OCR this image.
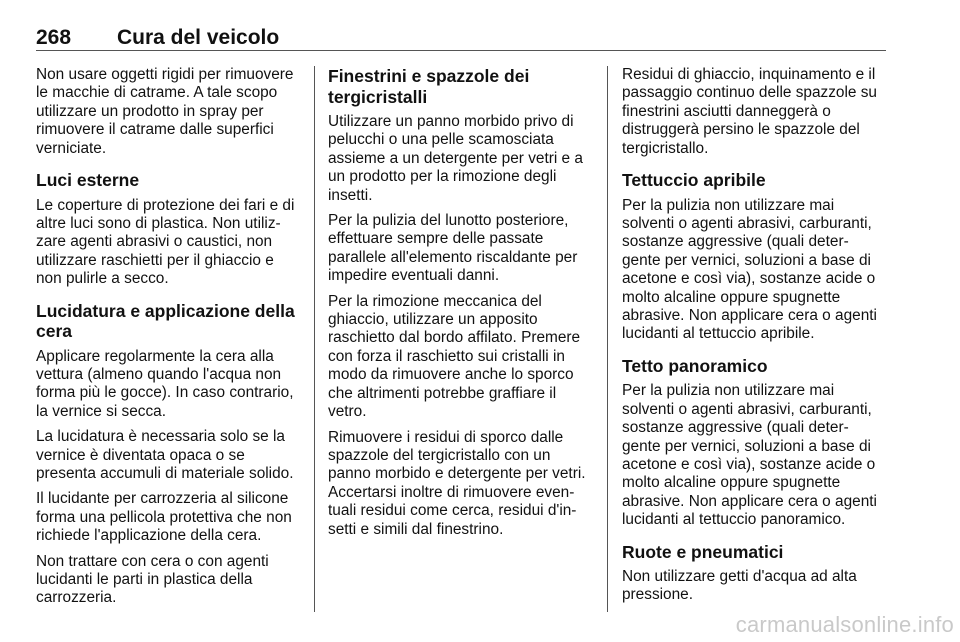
268 Cura del veicolo

Non usare oggetti rigidi per rimuovere
le macchie di catrame. A tale scopo
utilizzare un prodotto in spray per
rimuovere il catrame dalle superfici
verniciate.

Luci esterne

Le coperture di protezione dei fari e di
altre luci sono di plastica. Non utiliz-
zare agenti abrasivi o caustici, non
utilizzare raschietti per il ghiaccio e
non pulirle a secco.

Lucidatura e applicazione della
cera

Applicare regolarmente la cera alla
vettura (almeno quando l'acqua non
forma più le gocce). In caso contrario,
la vernice si secca.

La lucidatura è necessaria solo se la
vernice è diventata opaca o se
presenta accumuli di materiale solido.

Il lucidante per carrozzeria al silicone
forma una pellicola protettiva che non
richiede l'applicazione della cera.

Non trattare con cera o con agenti
lucidanti le parti in plastica della
carrozzeria.

Finestrini e spazzole dei
tergicristalli

Utilizzare un panno morbido privo di
pelucchi o una pelle scamosciata
assieme a un detergente per vetri e a
un prodotto per la rimozione degli
insetti.

Per la pulizia del lunotto posteriore,
effettuare sempre delle passate
parallele all'elemento riscaldante per
impedire eventuali danni.

Per la rimozione meccanica del
ghiaccio, utilizzare un apposito
raschietto dal bordo affilato. Premere
con forza il raschietto sui cristalli in
modo da rimuovere anche lo sporco
che altrimenti potrebbe graffiare il
vetro.

Rimuovere i residui di sporco dalle
spazzole del tergicristallo con un
panno morbido e detergente per vetri.
Accertarsi inoltre di rimuovere even-
tuali residui come cerca, residui d'in-
setti e simili dal finestrino.

Residui di ghiaccio, inquinamento e il
passaggio continuo delle spazzole su
finestrini asciutti danneggerà o
distruggerà persino le spazzole del
tergicristallo.

Tettuccio apribile

Per la pulizia non utilizzare mai
solventi o agenti abrasivi, carburanti,
sostanze aggressive (quali deter-
gente per vernici, soluzioni a base di
acetone e così via), sostanze acide o
molto alcaline oppure spugnette
abrasive. Non applicare cera o agenti
lucidanti al tettuccio apribile.

Tetto panoramico

Per la pulizia non utilizzare mai
solventi o agenti abrasivi, carburanti,
sostanze aggressive (quali deter-
gente per vernici, soluzioni a base di
acetone e così via), sostanze acide o
molto alcaline oppure spugnette
abrasive. Non applicare cera o agenti
lucidanti al tettuccio panoramico.

Ruote e pneumatici

Non utilizzare getti d'acqua ad alta
pressione.

carmanualsonline.info
